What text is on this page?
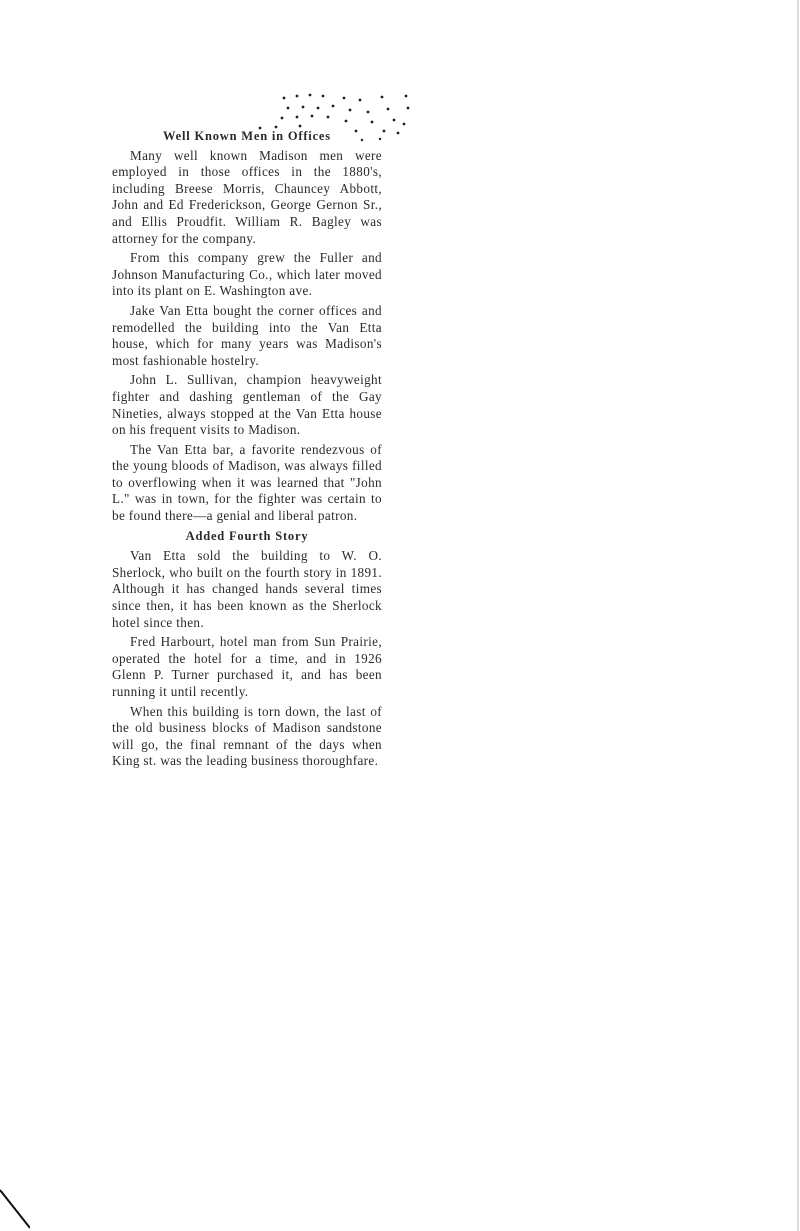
Well Known Men in Offices

Many well known Madison men were employed in those offices in the 1880's, including Breese Morris, Chauncey Abbott, John and Ed Frederickson, George Gernon Sr., and Ellis Proudfit. William R. Bagley was attorney for the company.

From this company grew the Fuller and Johnson Manufacturing Co., which later moved into its plant on E. Washington ave.

Jake Van Etta bought the corner offices and remodelled the building into the Van Etta house, which for many years was Madison's most fashionable hostelry.

John L. Sullivan, champion heavyweight fighter and dashing gentleman of the Gay Nineties, always stopped at the Van Etta house on his frequent visits to Madison.

The Van Etta bar, a favorite rendezvous of the young bloods of Madison, was always filled to overflowing when it was learned that "John L." was in town, for the fighter was certain to be found there—a genial and liberal patron.

Added Fourth Story

Van Etta sold the building to W. O. Sherlock, who built on the fourth story in 1891. Although it has changed hands several times since then, it has been known as the Sherlock hotel since then.

Fred Harbourt, hotel man from Sun Prairie, operated the hotel for a time, and in 1926 Glenn P. Turner purchased it, and has been running it until recently.

When this building is torn down, the last of the old business blocks of Madison sandstone will go, the final remnant of the days when King st. was the leading business thoroughfare.
